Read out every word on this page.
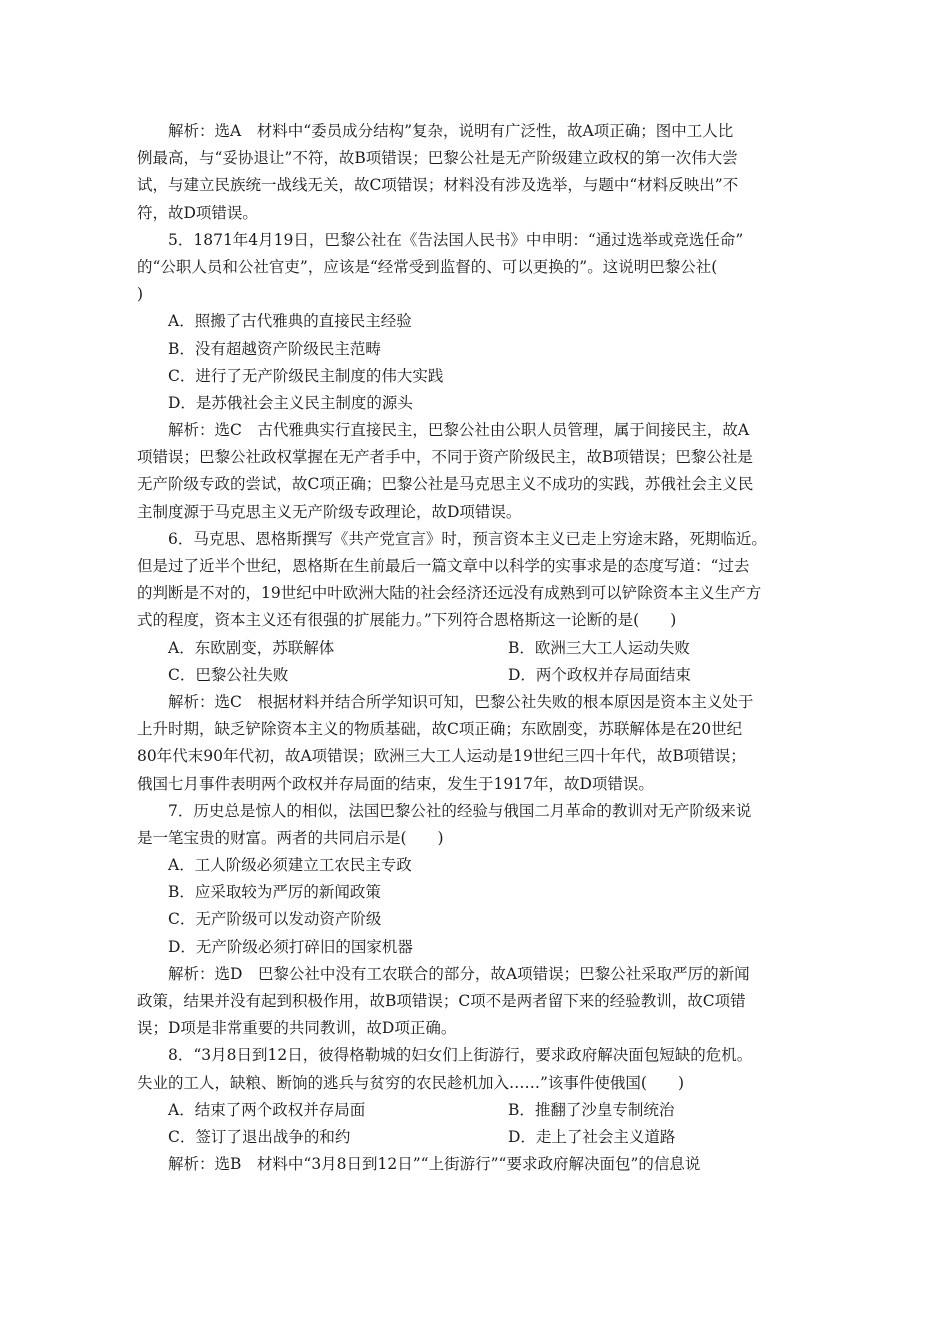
解析：选A　材料中“委员成分结构”复杂，说明有广泛性，故A项正确；图中工人比
例最高，与“妥协退让”不符，故B项错误；巴黎公社是无产阶级建立政权的第一次伟大尝
试，与建立民族统一战线无关，故C项错误；材料没有涉及选举，与题中“材料反映出”不
符，故D项错误。
5．1871年4月19日，巴黎公社在《告法国人民书》中申明：“通过选举或竞选任命”
的“公职人员和公社官吏”，应该是“经常受到监督的、可以更换的”。这说明巴黎公社(
)
A．照搬了古代雅典的直接民主经验
B．没有超越资产阶级民主范畴
C．进行了无产阶级民主制度的伟大实践
D．是苏俄社会主义民主制度的源头
解析：选C　古代雅典实行直接民主，巴黎公社由公职人员管理，属于间接民主，故A
项错误；巴黎公社政权掌握在无产者手中，不同于资产阶级民主，故B项错误；巴黎公社是
无产阶级专政的尝试，故C项正确；巴黎公社是马克思主义不成功的实践，苏俄社会主义民
主制度源于马克思主义无产阶级专政理论，故D项错误。
6．马克思、恩格斯撰写《共产党宣言》时，预言资本主义已走上穷途末路，死期临近。
但是过了近半个世纪，恩格斯在生前最后一篇文章中以科学的实事求是的态度写道：“过去
的判断是不对的，19世纪中叶欧洲大陆的社会经济还远没有成熟到可以铲除资本主义生产方
式的程度，资本主义还有很强的扩展能力。”下列符合恩格斯这一论断的是(　　)
A．东欧剧变，苏联解体	B．欧洲三大工人运动失败
C．巴黎公社失败	D．两个政权并存局面结束
解析：选C　根据材料并结合所学知识可知，巴黎公社失败的根本原因是资本主义处于
上升时期，缺乏铲除资本主义的物质基础，故C项正确；东欧剧变，苏联解体是在20世纪
80年代末90年代初，故A项错误；欧洲三大工人运动是19世纪三四十年代，故B项错误；
俄国七月事件表明两个政权并存局面的结束，发生于1917年，故D项错误。
7．历史总是惊人的相似，法国巴黎公社的经验与俄国二月革命的教训对无产阶级来说
是一笔宝贵的财富。两者的共同启示是(　　)
A．工人阶级必须建立工农民主专政
B．应采取较为严厉的新闻政策
C．无产阶级可以发动资产阶级
D．无产阶级必须打碎旧的国家机器
解析：选D　巴黎公社中没有工农联合的部分，故A项错误；巴黎公社采取严厉的新闻
政策，结果并没有起到积极作用，故B项错误；C项不是两者留下来的经验教训，故C项错
误；D项是非常重要的共同教训，故D项正确。
8．“3月8日到12日，彼得格勒城的妇女们上街游行，要求政府解决面包短缺的危机。
失业的工人，缺粮、断饷的逃兵与贫穷的农民趁机加入……”该事件使俄国(　　)
A．结束了两个政权并存局面	B．推翻了沙皇专制统治
C．签订了退出战争的和约	D．走上了社会主义道路
解析：选B　材料中“3月8日到12日”“上街游行”“要求政府解决面包”的信息说
